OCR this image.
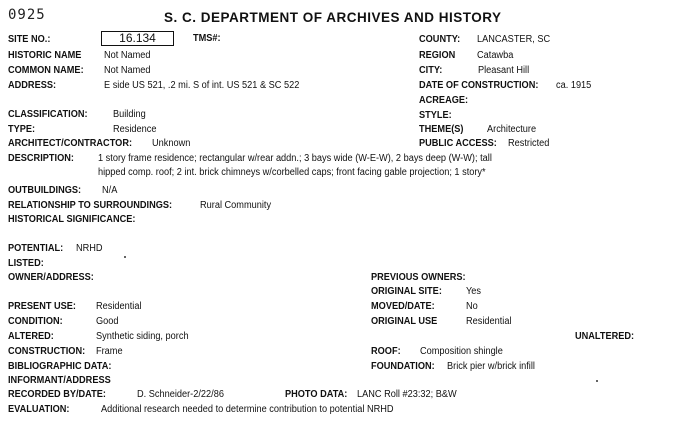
0925	S. C. DEPARTMENT OF ARCHIVES AND HISTORY
SITE NO.:	16.134	TMS#:	COUNTY: LANCASTER, SC
HISTORIC NAME Not Named	REGION Catawba
COMMON NAME: Not Named	CITY:	Pleasant Hill
ADDRESS:	E side US 521, .2 mi. S of int. US 521 & SC 522	DATE OF CONSTRUCTION: ca. 1915
ACREAGE:
CLASSIFICATION:	Building	STYLE:
TYPE:	Residence	THEME(S) Architecture
ARCHITECT/CONTRACTOR: Unknown	PUBLIC ACCESS: Restricted
DESCRIPTION: 1 story frame residence; rectangular w/rear addn.; 3 bays wide (W-E-W), 2 bays deep (W-W); tall
hipped comp. roof; 2 int. brick chimneys w/corbelled caps; front facing gable projection; 1 story*
OUTBUILDINGS: N/A
RELATIONSHIP TO SURROUNDINGS:	Rural Community
HISTORICAL SIGNIFICANCE:
POTENTIAL: NRHD
LISTED:
OWNER/ADDRESS:	PREVIOUS OWNERS:
ORIGINAL SITE: Yes
PRESENT USE: Residential	MOVED/DATE:	No
CONDITION:	Good	ORIGINAL USE	Residential
ALTERED:	Synthetic siding, porch	UNALTERED:
CONSTRUCTION: Frame	ROOF: Composition shingle
BIBLIOGRAPHIC DATA:	FOUNDATION: Brick pier w/brick infill
INFORMANT/ADDRESS
RECORDED BY/DATE:	D. Schneider-2/22/86	PHOTO DATA: LANC Roll #23:32; B&W
EVALUATION:	Additional research needed to determine contribution to potential NRHD
